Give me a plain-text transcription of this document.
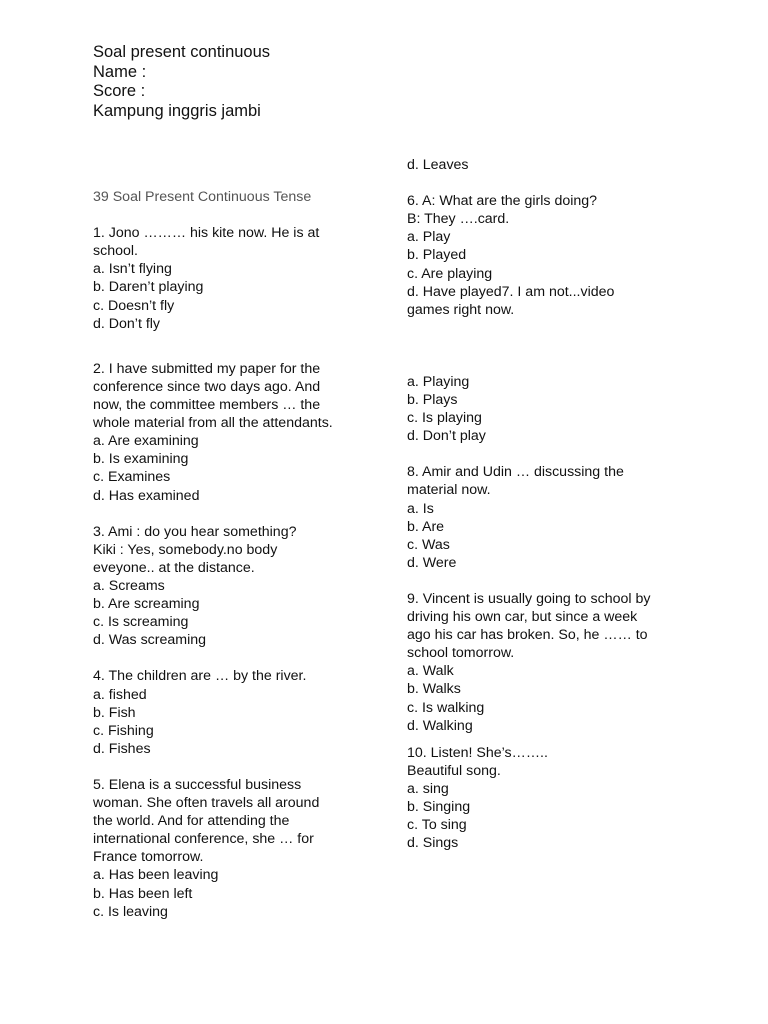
Soal present continuous
Name :
Score :
Kampung inggris jambi
39 Soal Present Continuous Tense
1. Jono ……… his kite now. He is at
school.
a. Isn’t flying
b. Daren’t playing
c. Doesn’t fly
d. Don’t fly
2. I have submitted my paper for the
conference since two days ago. And
now, the committee members … the
whole material from all the attendants.
a. Are examining
b. Is examining
c. Examines
d. Has examined
3. Ami : do you hear something?
Kiki : Yes, somebody.no body
eveyone.. at the distance.
a. Screams
b. Are screaming
c. Is screaming
d. Was screaming
4. The children are … by the river.
a. fished
b. Fish
c. Fishing
d. Fishes
5. Elena is a successful business
woman. She often travels all around
the world. And for attending the
international conference, she … for
France tomorrow.
a. Has been leaving
b. Has been left
c. Is leaving
d. Leaves
6. A: What are the girls doing?
B: They ….card.
a. Play
b. Played
c. Are playing
d. Have played7. I am not...video
games right now.
a. Playing
b. Plays
c. Is playing
d. Don’t play
8. Amir and Udin … discussing the
material now.
a. Is
b. Are
c. Was
d. Were
9. Vincent is usually going to school by
driving his own car, but since a week
ago his car has broken. So, he …… to
school tomorrow.
a. Walk
b. Walks
c. Is walking
d. Walking
10. Listen! She’s……..
Beautiful song.
a. sing
b. Singing
c. To sing
d. Sings
